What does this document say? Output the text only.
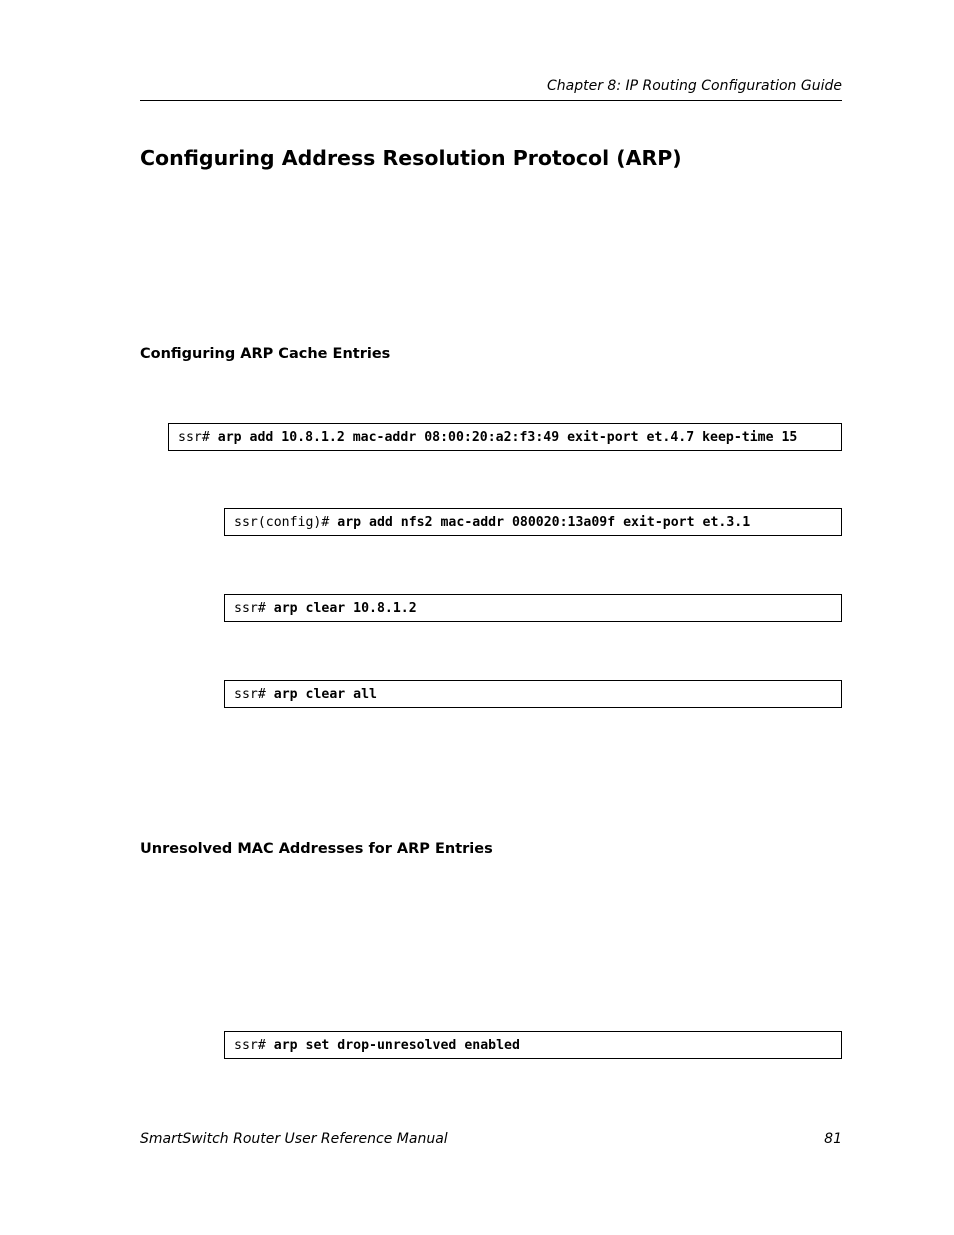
Chapter 8: IP Routing Configuration Guide
Configuring Address Resolution Protocol (ARP)
Configuring ARP Cache Entries
ssr# arp add 10.8.1.2 mac-addr 08:00:20:a2:f3:49 exit-port et.4.7 keep-time 15
ssr(config)# arp add nfs2 mac-addr 080020:13a09f exit-port et.3.1
ssr# arp clear 10.8.1.2
ssr# arp clear all
Unresolved MAC Addresses for ARP Entries
ssr# arp set drop-unresolved enabled
SmartSwitch Router User Reference Manual	81
